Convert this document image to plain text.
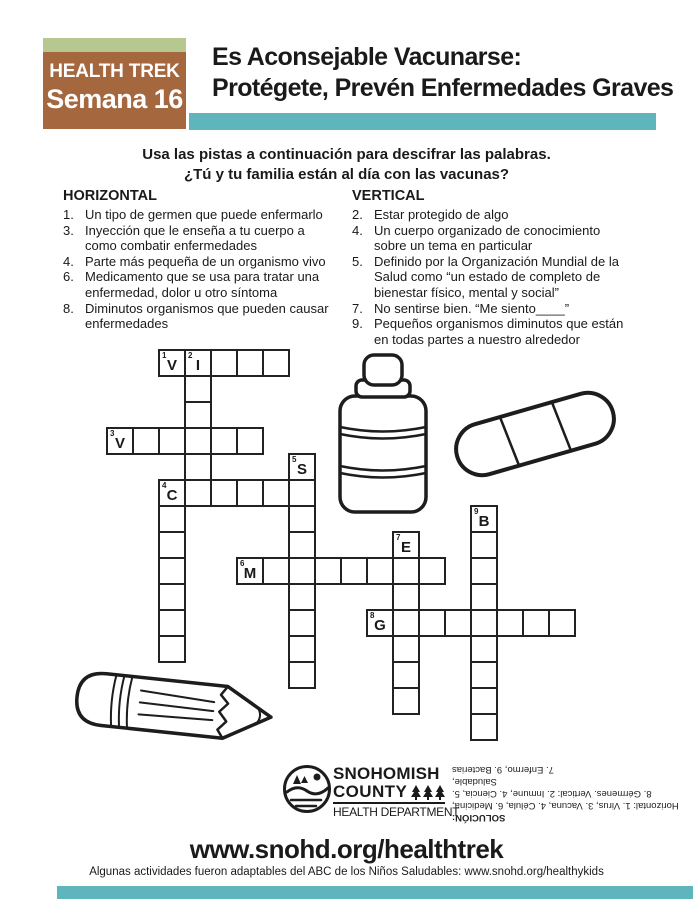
HEALTH TREK
Semana 16
Es Aconsejable Vacunarse:
Protégete, Prevén Enfermedades Graves
Usa las pistas a continuación para descifrar las palabras.
¿Tú y tu familia están al día con las vacunas?
HORIZONTAL
1. Un tipo de germen que puede enfermarlo
3. Inyección que le enseña a tu cuerpo a como combatir enfermedades
4. Parte más pequeña de un organismo vivo
6. Medicamento que se usa para tratar una enfermedad, dolor u otro síntoma
8. Diminutos organismos que pueden causar enfermedades
VERTICAL
2. Estar protegido de algo
4. Un cuerpo organizado de conocimiento sobre un tema en particular
5. Definido por la Organización Mundial de la Salud como “un estado de completo de bienestar físico, mental y social”
7. No sentirse bien. “Me siento____”
9. Pequeños organismos diminutos que están en todas partes a nuestro alrededor
1
V
2
I
3
V
4
C
5
S
6
M
7
E
8
G
9
B
SNOHOMISH
COUNTY
HEALTH DEPARTMENT
SOLUCIÓN:
Horizontal: 1. Virus, 3. Vacuna, 4. Célula, 6. Medicina,
8. Gérmenes. Vertical: 2. Inmune, 4. Ciencia, 5. Saludable,
7. Enfermo, 9. Bacterias
www.snohd.org/healthtrek
Algunas actividades fueron adaptables del ABC de los Niños Saludables: www.snohd.org/healthykids
